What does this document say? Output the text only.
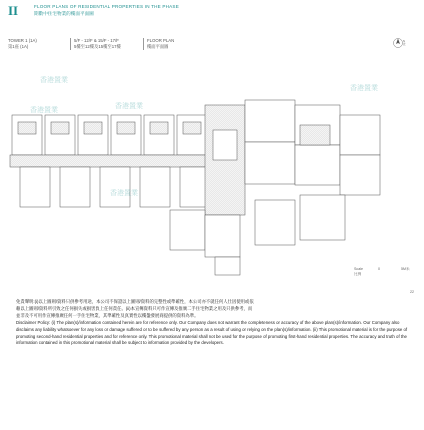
II	FLOOR PLANS OF RESIDENTIAL PROPERTIES IN THE PHASE
期數中住宅物業的樓面平面圖
TOWER 1 (1A)
第1座 (1A)
5/F - 12/F & 15/F - 17/F
5樓至12樓及15樓至17樓
FLOOR PLAN
樓面平面圖
N
北
香港置業
香港置業	香港置業
香港置業
香港置業
Scale	0	5M米
比例
22

免責聲明:(i)以上圖則/資料只供參考用途，本公司不保證以上圖則/資料的完整性或準確性，本公司亦不就任何人仕因使用或依

賴以上圖則/資料所引致之任何損失或損害負上任何責任。(ii)本宣傳資料只可作宣傳及推廣二手住宅物業之用及只供參考，而

並非及不可用作宣傳推廣任何一手住宅物業，其準確性及真實性以樓盤發展商提供的資料為準。

Disclaimer Policy: (i) The plan(s)/information contained herein are for reference only. Our Company does not warrant the completeness or accuracy of the above plan(s)/information. Our Company also disclaims any liability whatsoever for any loss or damage suffered or to be suffered by any person as a result of using or relying on the plan(s)/information. (ii) This promotional material is for the purpose of promoting second-hand residential properties and for reference only. This promotional material shall not be used for the purpose of promoting first-hand residential properties. The accuracy and truth of the information contained in this promotional material shall be subject to information provided by the developers.
